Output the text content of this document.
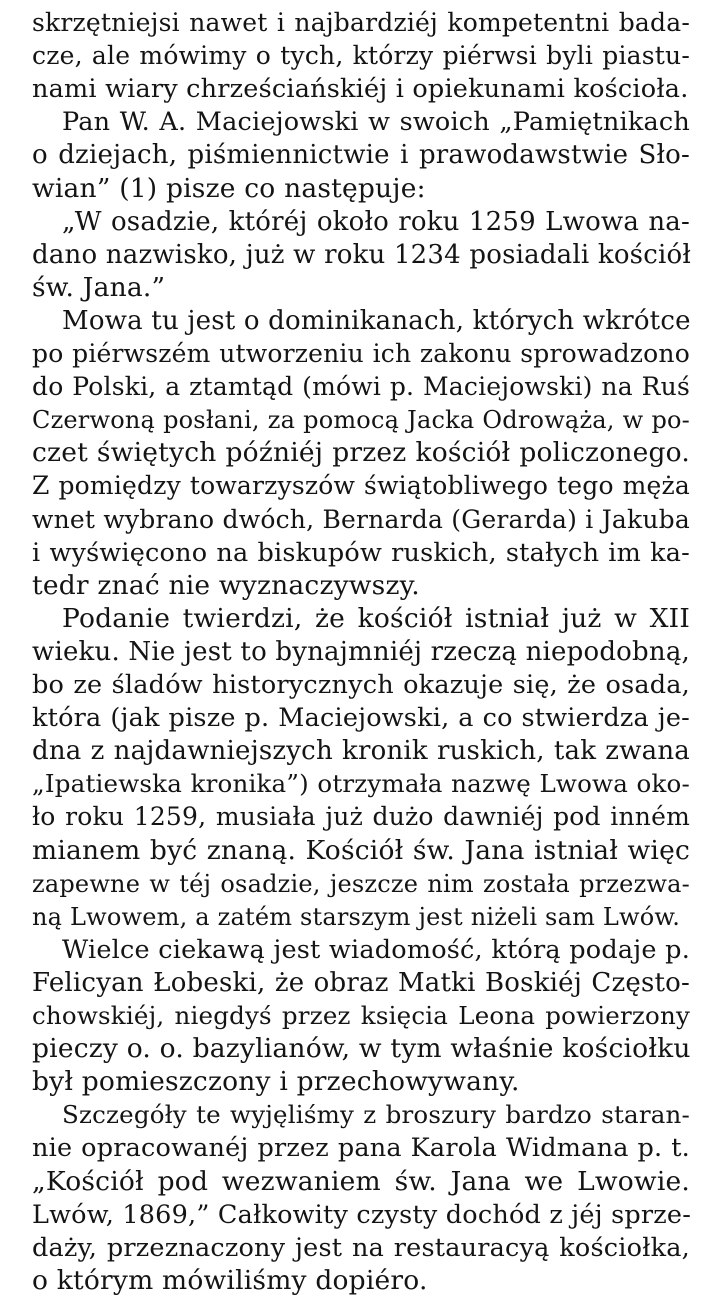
skrzętniejsi nawet i najbardziéj kompetentni bada-
cze, ale mówimy o tych, którzy piérwsi byli piastu-
nami wiary chrześciańskiéj i opiekunami kościoła.
Pan W. A. Maciejowski w swoich „Pamiętnikach
o dziejach, piśmiennictwie i prawodawstwie Sło-
wian” (1) pisze co następuje:
„W osadzie, któréj około roku 1259 Lwowa na-
dano nazwisko, już w roku 1234 posiadali kościół
św. Jana.”
Mowa tu jest o dominikanach, których wkrótce
po piérwszém utworzeniu ich zakonu sprowadzono
do Polski, a ztamtąd (mówi p. Maciejowski) na Ruś
Czerwoną posłani, za pomocą Jacka Odrowąża, w po-
czet świętych późniéj przez kościół policzonego.
Z pomiędzy towarzyszów świątobliwego tego męża
wnet wybrano dwóch, Bernarda (Gerarda) i Jakuba
i wyświęcono na biskupów ruskich, stałych im ka-
tedr znać nie wyznaczywszy.
Podanie twierdzi, że kościół istniał już w XII
wieku. Nie jest to bynajmniéj rzeczą niepodobną,
bo ze śladów historycznych okazuje się, że osada,
która (jak pisze p. Maciejowski, a co stwierdza je-
dna z najdawniejszych kronik ruskich, tak zwana
„Ipatiewska kronika”) otrzymała nazwę Lwowa oko-
ło roku 1259, musiała już dużo dawniéj pod inném
mianem być znaną. Kościół św. Jana istniał więc
zapewne w téj osadzie, jeszcze nim została przezwa-
ną Lwowem, a zatém starszym jest niżeli sam Lwów.
Wielce ciekawą jest wiadomość, którą podaje p.
Felicyan Łobeski, że obraz Matki Boskiéj Często-
chowskiéj, niegdyś przez księcia Leona powierzony
pieczy o. o. bazylianów, w tym właśnie kościołku
był pomieszczony i przechowywany.
Szczegóły te wyjęliśmy z broszury bardzo staran-
nie opracowanéj przez pana Karola Widmana p. t.
„Kościół pod wezwaniem św. Jana we Lwowie.
Lwów, 1869,” Całkowity czysty dochód z jéj sprze-
daży, przeznaczony jest na restauracyą kościołka,
o którym mówiliśmy dopiéro.
